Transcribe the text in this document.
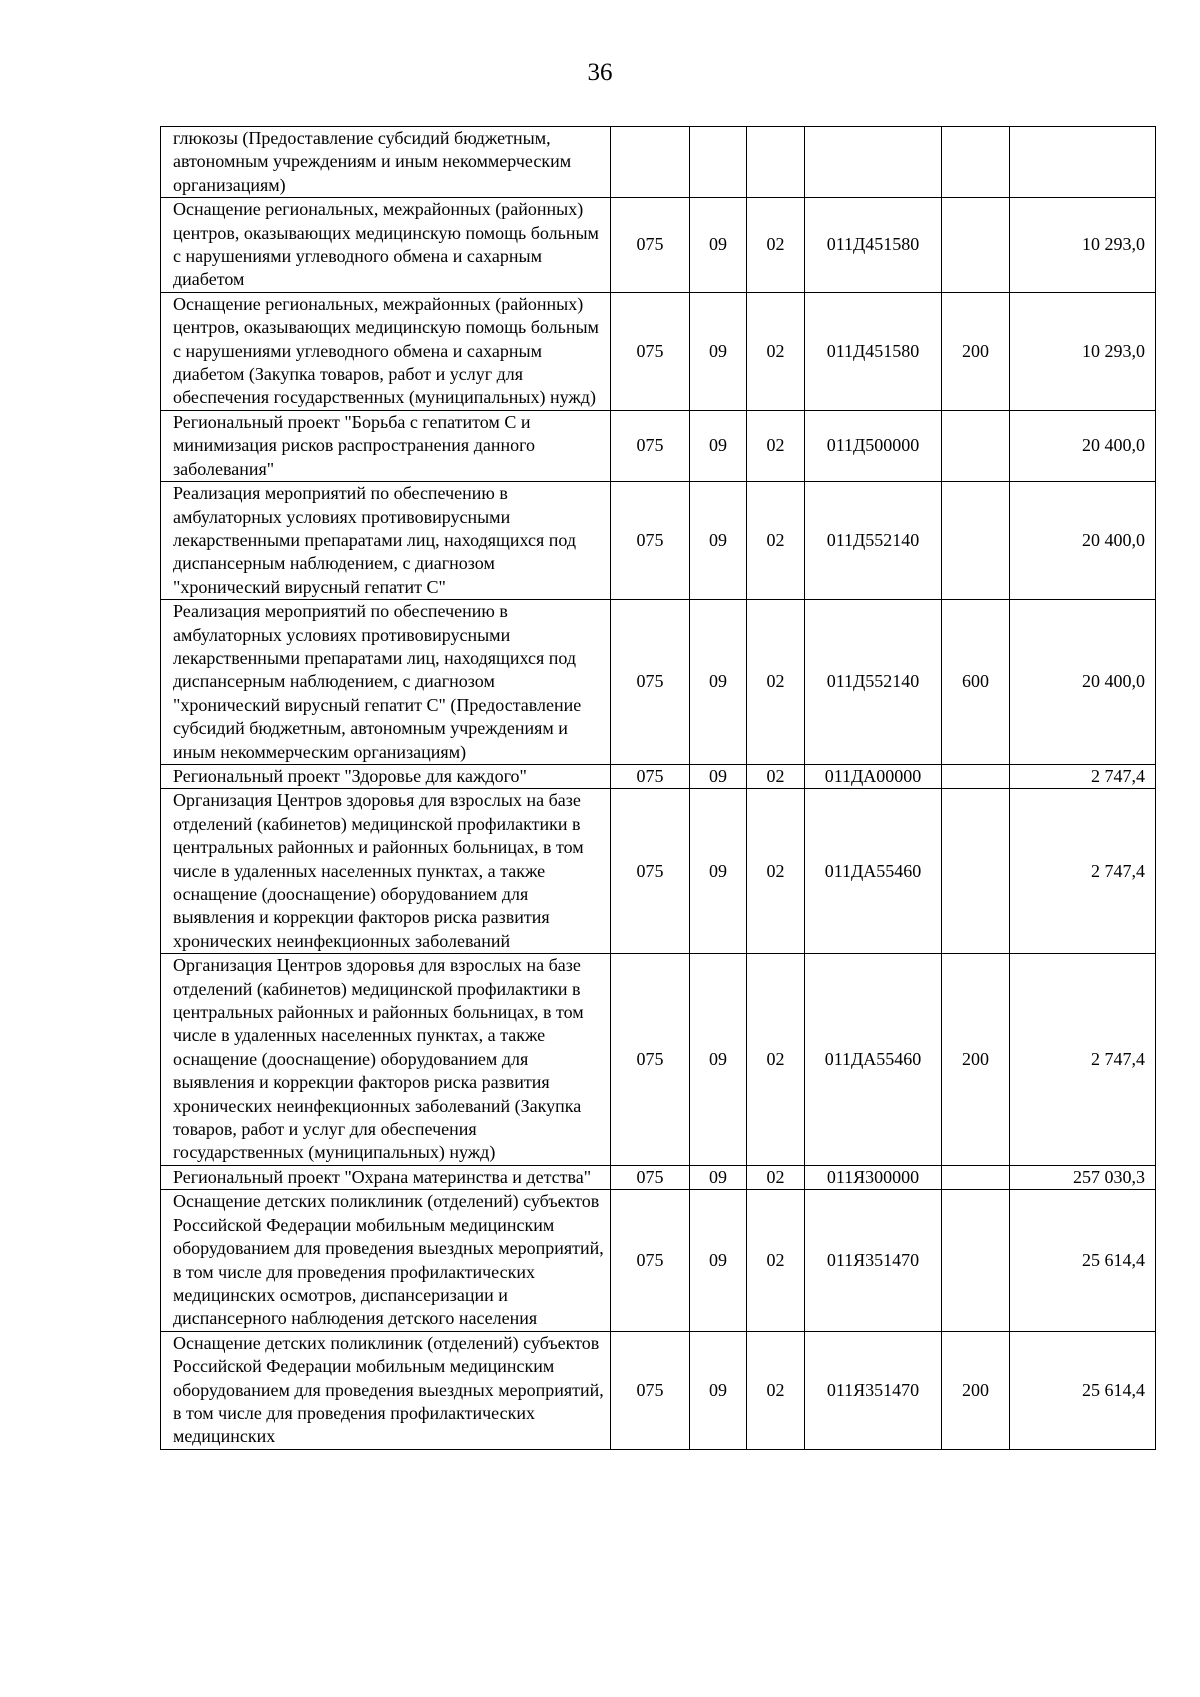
36
глюкозы (Предоставление субсидий бюджетным, автономным учреждениям и иным некоммерческим организациям)						
Оснащение региональных, межрайонных (районных) центров, оказывающих медицинскую помощь больным с нарушениями углеводного обмена и сахарным диабетом	075	09	02	011Д451580		10 293,0
Оснащение региональных, межрайонных (районных) центров, оказывающих медицинскую помощь больным с нарушениями углеводного обмена и сахарным диабетом (Закупка товаров, работ и услуг для обеспечения государственных (муниципальных) нужд)	075	09	02	011Д451580	200	10 293,0
Региональный проект "Борьба с гепатитом С и минимизация рисков распространения данного заболевания"	075	09	02	011Д500000		20 400,0
Реализация мероприятий по обеспечению в амбулаторных условиях противовирусными лекарственными препаратами лиц, находящихся под диспансерным наблюдением, с диагнозом "хронический вирусный гепатит С"	075	09	02	011Д552140		20 400,0
Реализация мероприятий по обеспечению в амбулаторных условиях противовирусными лекарственными препаратами лиц, находящихся под диспансерным наблюдением, с диагнозом "хронический вирусный гепатит С" (Предоставление субсидий бюджетным, автономным учреждениям и иным некоммерческим организациям)	075	09	02	011Д552140	600	20 400,0
Региональный проект "Здоровье для каждого"	075	09	02	011ДА00000		2 747,4
Организация Центров здоровья для взрослых на базе отделений (кабинетов) медицинской профилактики в центральных районных и районных больницах, в том числе в удаленных населенных пунктах, а также оснащение (дооснащение) оборудованием для выявления и коррекции факторов риска развития хронических неинфекционных заболеваний	075	09	02	011ДА55460		2 747,4
Организация Центров здоровья для взрослых на базе отделений (кабинетов) медицинской профилактики в центральных районных и районных больницах, в том числе в удаленных населенных пунктах, а также оснащение (дооснащение) оборудованием для выявления и коррекции факторов риска развития хронических неинфекционных заболеваний (Закупка товаров, работ и услуг для обеспечения государственных (муниципальных) нужд)	075	09	02	011ДА55460	200	2 747,4
Региональный проект "Охрана материнства и детства"	075	09	02	011Я300000		257 030,3
Оснащение детских поликлиник (отделений) субъектов Российской Федерации мобильным медицинским оборудованием для проведения выездных мероприятий, в том числе для проведения профилактических медицинских осмотров, диспансеризации и диспансерного наблюдения детского населения	075	09	02	011Я351470		25 614,4
Оснащение детских поликлиник (отделений) субъектов Российской Федерации мобильным медицинским оборудованием для проведения выездных мероприятий, в том числе для проведения профилактических медицинских	075	09	02	011Я351470	200	25 614,4
